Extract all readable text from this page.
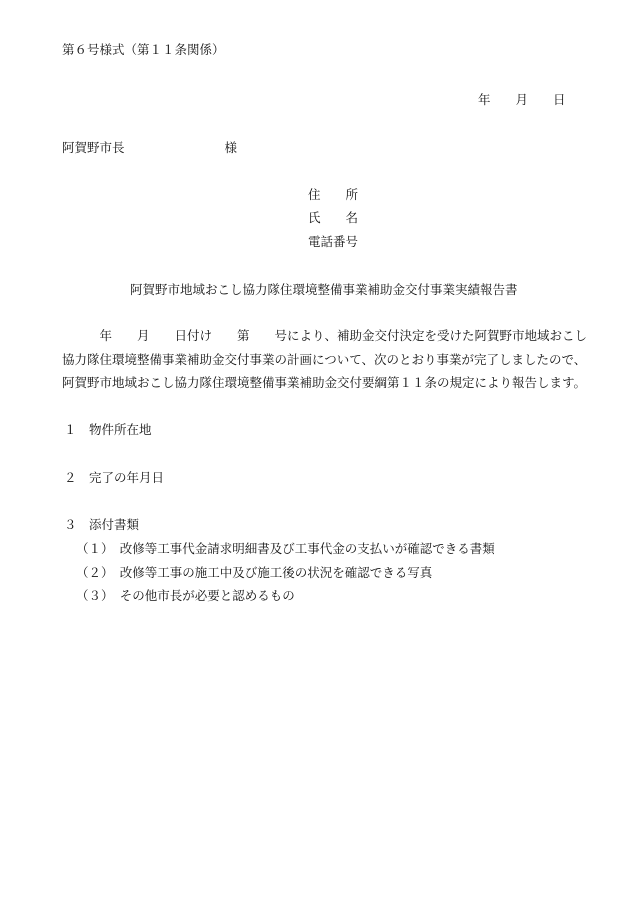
第６号様式（第１１条関係）
年　　月　　日
阿賀野市長　　　　　　　　様
住　　所
氏　　名
電話番号
阿賀野市地域おこし協力隊住環境整備事業補助金交付事業実績報告書
　　　年　　月　　日付け　　第　　号により、補助金交付決定を受けた阿賀野市地域おこし
協力隊住環境整備事業補助金交付事業の計画について、次のとおり事業が完了しましたので、
阿賀野市地域おこし協力隊住環境整備事業補助金交付要綱第１１条の規定により報告します。
１　物件所在地
２　完了の年月日
３　添付書類
（１）　改修等工事代金請求明細書及び工事代金の支払いが確認できる書類
（２）　改修等工事の施工中及び施工後の状況を確認できる写真
（３）　その他市長が必要と認めるもの
